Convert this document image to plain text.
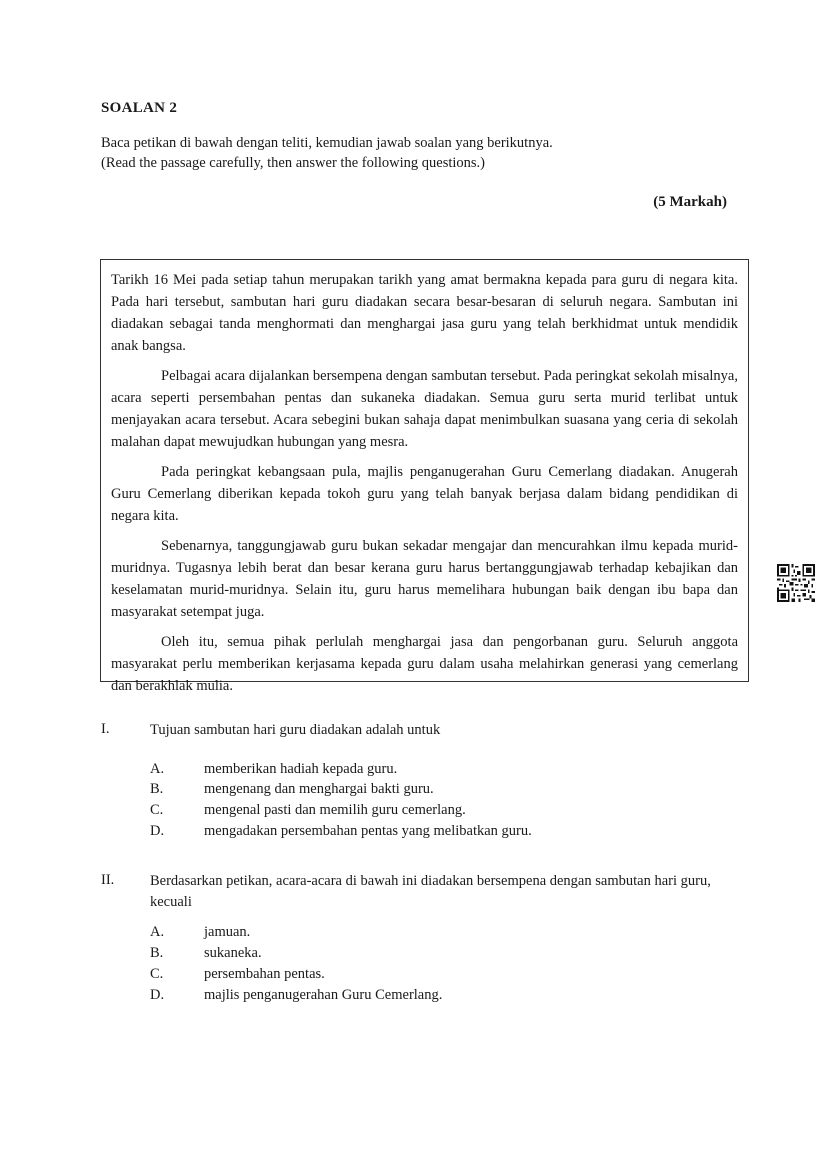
SOALAN 2
Baca petikan di bawah dengan teliti, kemudian jawab soalan yang berikutnya.
(Read the passage carefully, then answer the following questions.)
(5 Markah)

Tarikh 16 Mei pada setiap tahun merupakan tarikh yang amat bermakna kepada para guru di negara kita. Pada hari tersebut, sambutan hari guru diadakan secara besar-besaran di seluruh negara. Sambutan ini diadakan sebagai tanda menghormati dan menghargai jasa guru yang telah berkhidmat untuk mendidik anak bangsa.

Pelbagai acara dijalankan bersempena dengan sambutan tersebut. Pada peringkat sekolah misalnya, acara seperti persembahan pentas dan sukaneka diadakan. Semua guru serta murid terlibat untuk menjayakan acara tersebut. Acara sebegini bukan sahaja dapat menimbulkan suasana yang ceria di sekolah malahan dapat mewujudkan hubungan yang mesra.

Pada peringkat kebangsaan pula, majlis penganugerahan Guru Cemerlang diadakan. Anugerah Guru Cemerlang diberikan kepada tokoh guru yang telah banyak berjasa dalam bidang pendidikan di negara kita.

Sebenarnya, tanggungjawab guru bukan sekadar mengajar dan mencurahkan ilmu kepada murid-muridnya. Tugasnya lebih berat dan besar kerana guru harus bertanggungjawab terhadap kebajikan dan keselamatan murid-muridnya. Selain itu, guru harus memelihara hubungan baik dengan ibu bapa dan masyarakat setempat juga.

Oleh itu, semua pihak perlulah menghargai jasa dan pengorbanan guru. Seluruh anggota masyarakat perlu memberikan kerjasama kepada guru dalam usaha melahirkan generasi yang cemerlang dan berakhlak mulia.

I.	Tujuan sambutan hari guru diadakan adalah untuk
A.	memberikan hadiah kepada guru.
B.	mengenang dan menghargai bakti guru.
C.	mengenal pasti dan memilih guru cemerlang.
D.	mengadakan persembahan pentas yang melibatkan guru.
II. Berdasarkan petikan, acara-acara di bawah ini diadakan bersempena dengan sambutan hari guru, kecuali
A.	jamuan.
B.	sukaneka.
C.	persembahan pentas.
D.	majlis penganugerahan Guru Cemerlang.
